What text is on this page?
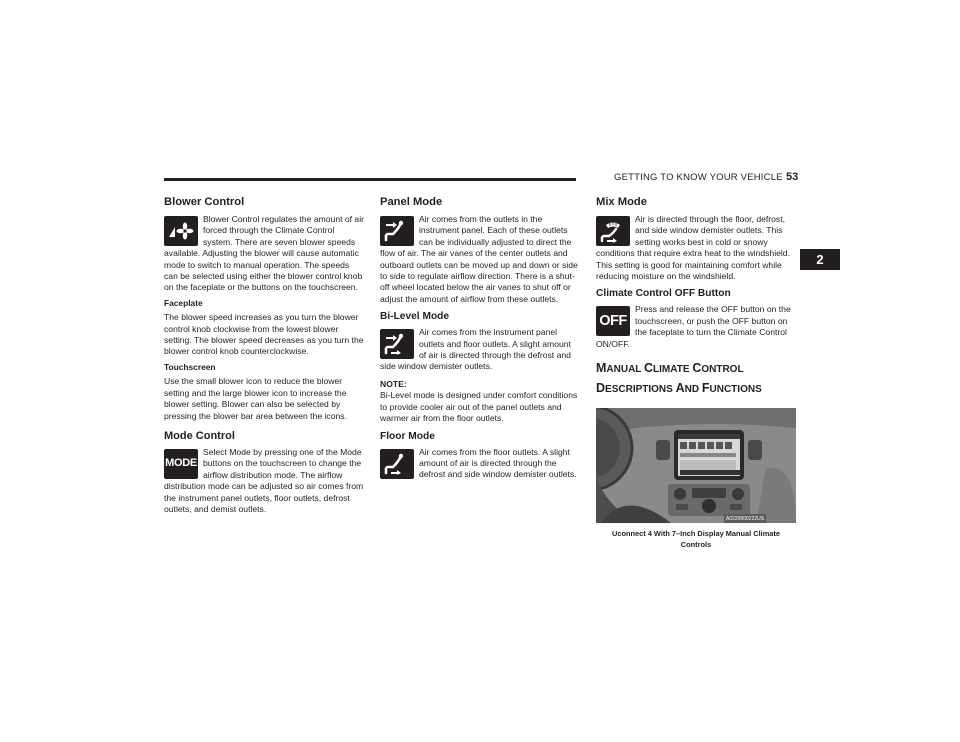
GETTING TO KNOW YOUR VEHICLE 53
2
Blower Control

Blower Control regulates the amount of air forced through the Climate Control system. There are seven blower speeds available. Adjusting the blower will cause automatic mode to switch to manual operation. The speeds can be selected using either the blower control knob on the faceplate or the buttons on the touchscreen.

Faceplate

The blower speed increases as you turn the blower control knob clockwise from the lowest blower setting. The blower speed decreases as you turn the blower control knob counterclockwise.

Touchscreen

Use the small blower icon to reduce the blower setting and the large blower icon to increase the blower setting. Blower can also be selected by pressing the blower bar area between the icons.

Mode Control
MODE

Select Mode by pressing one of the Mode buttons on the touchscreen to change the airflow distribution mode. The airflow distribution mode can be adjusted so air comes from the instrument panel outlets, floor outlets, defrost outlets, and demist outlets.

Panel Mode

Air comes from the outlets in the instrument panel. Each of these outlets can be individually adjusted to direct the flow of air. The air vanes of the center outlets and outboard outlets can be moved up and down or side to side to regulate airflow direction. There is a shut-off wheel located below the air vanes to shut off or adjust the amount of airflow from these outlets.

Bi-Level Mode

Air comes from the instrument panel outlets and floor outlets. A slight amount of air is directed through the defrost and side window demister outlets.

NOTE:

Bi-Level mode is designed under comfort conditions to provide cooler air out of the panel outlets and warmer air from the floor outlets.

Floor Mode

Air comes from the floor outlets. A slight amount of air is directed through the defrost and side window demister outlets.

Mix Mode

Air is directed through the floor, defrost, and side window demister outlets. This setting works best in cold or snowy conditions that require extra heat to the windshield. This setting is good for maintaining comfort while reducing moisture on the windshield.

Climate Control OFF Button
OFF

Press and release the OFF button on the touchscreen, or push the OFF button on the faceplate to turn the Climate Control ON/OFF.

MANUAL CLIMATE CONTROL
DESCRIPTIONS AND FUNCTIONS
A0220000222US
Uconnect 4 With 7–Inch Display Manual Climate Controls
